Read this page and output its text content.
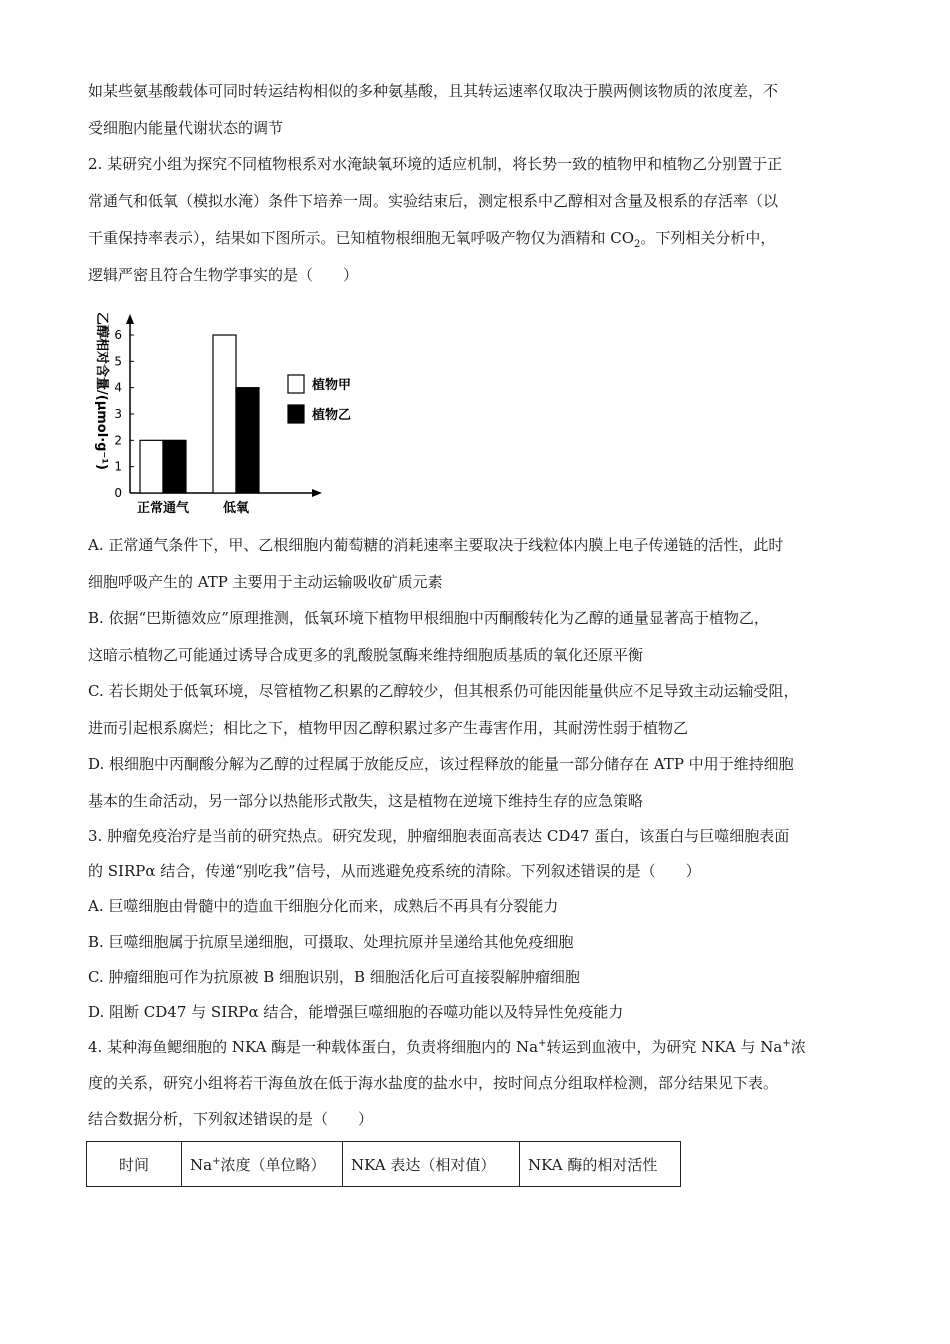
如某些氨基酸载体可同时转运结构相似的多种氨基酸，且其转运速率仅取决于膜两侧该物质的浓度差，不
受细胞内能量代谢状态的调节
2. 某研究小组为探究不同植物根系对水淹缺氧环境的适应机制，将长势一致的植物甲和植物乙分别置于正
常通气和低氧（模拟水淹）条件下培养一周。实验结束后，测定根系中乙醇相对含量及根系的存活率（以
干重保持率表示），结果如下图所示。已知植物根细胞无氧呼吸产物仅为酒精和 $CO_2$。下列相关分析中，
逻辑严密且符合生物学事实的是（　　）
0
1
2
3
4
5
6
正常通气	低氧
植物甲
植物乙
乙醇相对含量/(μmol·g⁻¹)
A. 正常通气条件下，甲、乙根细胞内葡萄糖的消耗速率主要取决于线粒体内膜上电子传递链的活性，此时
细胞呼吸产生的 ATP 主要用于主动运输吸收矿质元素
B. 依据“巴斯德效应”原理推测，低氧环境下植物甲根细胞中丙酮酸转化为乙醇的通量显著高于植物乙，
这暗示植物乙可能通过诱导合成更多的乳酸脱氢酶来维持细胞质基质的氧化还原平衡
C. 若长期处于低氧环境，尽管植物乙积累的乙醇较少，但其根系仍可能因能量供应不足导致主动运输受阻，
进而引起根系腐烂；相比之下，植物甲因乙醇积累过多产生毒害作用，其耐涝性弱于植物乙
D. 根细胞中丙酮酸分解为乙醇的过程属于放能反应，该过程释放的能量一部分储存在 ATP 中用于维持细胞
基本的生命活动，另一部分以热能形式散失，这是植物在逆境下维持生存的应急策略
3. 肿瘤免疫治疗是当前的研究热点。研究发现，肿瘤细胞表面高表达 CD47 蛋白，该蛋白与巨噬细胞表面
的 SIRPα 结合，传递“别吃我”信号，从而逃避免疫系统的清除。下列叙述错误的是（　　）
A. 巨噬细胞由骨髓中的造血干细胞分化而来，成熟后不再具有分裂能力
B. 巨噬细胞属于抗原呈递细胞，可摄取、处理抗原并呈递给其他免疫细胞
C. 肿瘤细胞可作为抗原被 B 细胞识别，B 细胞活化后可直接裂解肿瘤细胞
D. 阻断 CD47 与 SIRPα 结合，能增强巨噬细胞的吞噬功能以及特异性免疫能力
4. 某种海鱼鳃细胞的 NKA 酶是一种载体蛋白，负责将细胞内的 Na+转运到血液中，为研究 NKA 与 Na+浓
度的关系，研究小组将若干海鱼放在低于海水盐度的盐水中，按时间点分组取样检测，部分结果见下表。
结合数据分析，下列叙述错误的是（　　）
时间	Na+浓度（单位略）	NKA 表达（相对值）	NKA 酶的相对活性
